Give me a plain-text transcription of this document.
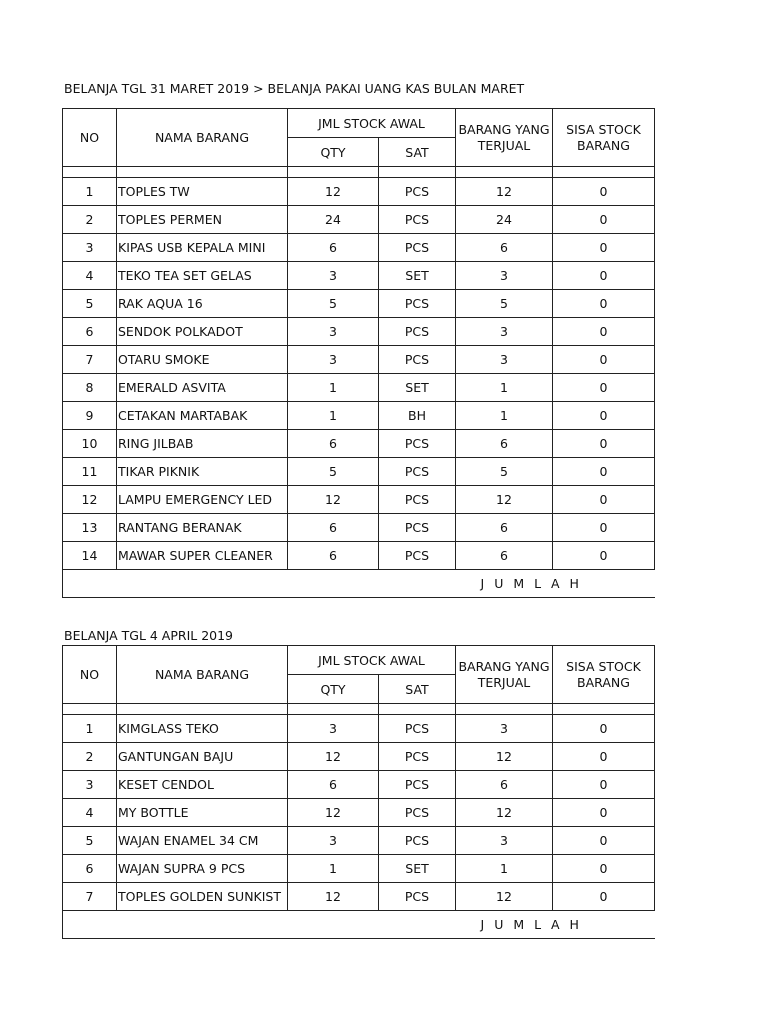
BELANJA TGL 31 MARET 2019 > BELANJA PAKAI UANG KAS BULAN MARET
NO	NAMA BARANG	JML STOCK AWAL		BARANG YANG TERJUAL	SISA STOCK BARANG
		QTY	SAT		

1	TOPLES TW	12	PCS	12	0
2	TOPLES PERMEN	24	PCS	24	0
3	KIPAS USB KEPALA MINI	6	PCS	6	0
4	TEKO TEA SET GELAS	3	SET	3	0
5	RAK AQUA 16	5	PCS	5	0
6	SENDOK POLKADOT	3	PCS	3	0
7	OTARU SMOKE	3	PCS	3	0
8	EMERALD ASVITA	1	SET	1	0
9	CETAKAN MARTABAK	1	BH	1	0
10	RING JILBAB	6	PCS	6	0
11	TIKAR PIKNIK	5	PCS	5	0
12	LAMPU EMERGENCY LED	12	PCS	12	0
13	RANTANG BERANAK	6	PCS	6	0
14	MAWAR SUPER CLEANER	6	PCS	6	0
J U M L A H					
BELANJA TGL 4 APRIL 2019
NO	NAMA BARANG	JML STOCK AWAL		BARANG YANG TERJUAL	SISA STOCK BARANG
		QTY	SAT		

1	KIMGLASS TEKO	3	PCS	3	0
2	GANTUNGAN BAJU	12	PCS	12	0
3	KESET CENDOL	6	PCS	6	0
4	MY BOTTLE	12	PCS	12	0
5	WAJAN ENAMEL 34 CM	3	PCS	3	0
6	WAJAN SUPRA 9 PCS	1	SET	1	0
7	TOPLES GOLDEN SUNKIST	12	PCS	12	0
J U M L A H					
